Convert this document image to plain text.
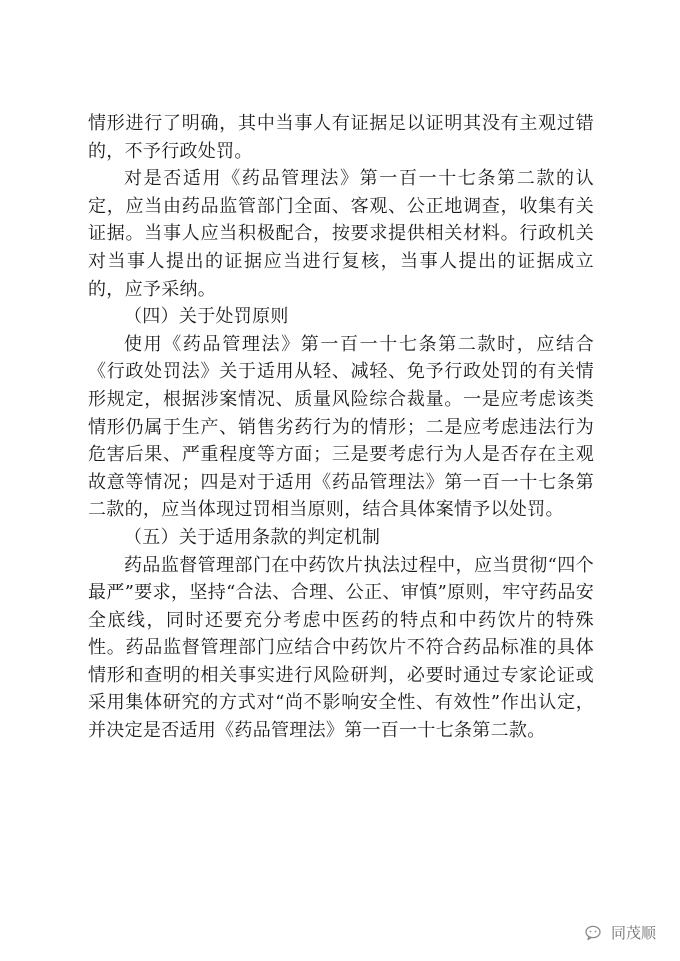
情形进行了明确，其中当事人有证据足以证明其没有主观过错的，不予行政处罚。

对是否适用《药品管理法》第一百一十七条第二款的认定，应当由药品监管部门全面、客观、公正地调查，收集有关证据。当事人应当积极配合，按要求提供相关材料。行政机关对当事人提出的证据应当进行复核，当事人提出的证据成立的，应予采纳。

（四）关于处罚原则

使用《药品管理法》第一百一十七条第二款时，应结合《行政处罚法》关于适用从轻、减轻、免予行政处罚的有关情形规定，根据涉案情况、质量风险综合裁量。一是应考虑该类情形仍属于生产、销售劣药行为的情形；二是应考虑违法行为危害后果、严重程度等方面；三是要考虑行为人是否存在主观故意等情况；四是对于适用《药品管理法》第一百一十七条第二款的，应当体现过罚相当原则，结合具体案情予以处罚。

（五）关于适用条款的判定机制

药品监督管理部门在中药饮片执法过程中，应当贯彻“四个最严”要求，坚持“合法、合理、公正、审慎”原则，牢守药品安全底线，同时还要充分考虑中医药的特点和中药饮片的特殊性。药品监督管理部门应结合中药饮片不符合药品标准的具体情形和查明的相关事实进行风险研判，必要时通过专家论证或采用集体研究的方式对“尚不影响安全性、有效性”作出认定，并决定是否适用《药品管理法》第一百一十七条第二款。

同茂顺
